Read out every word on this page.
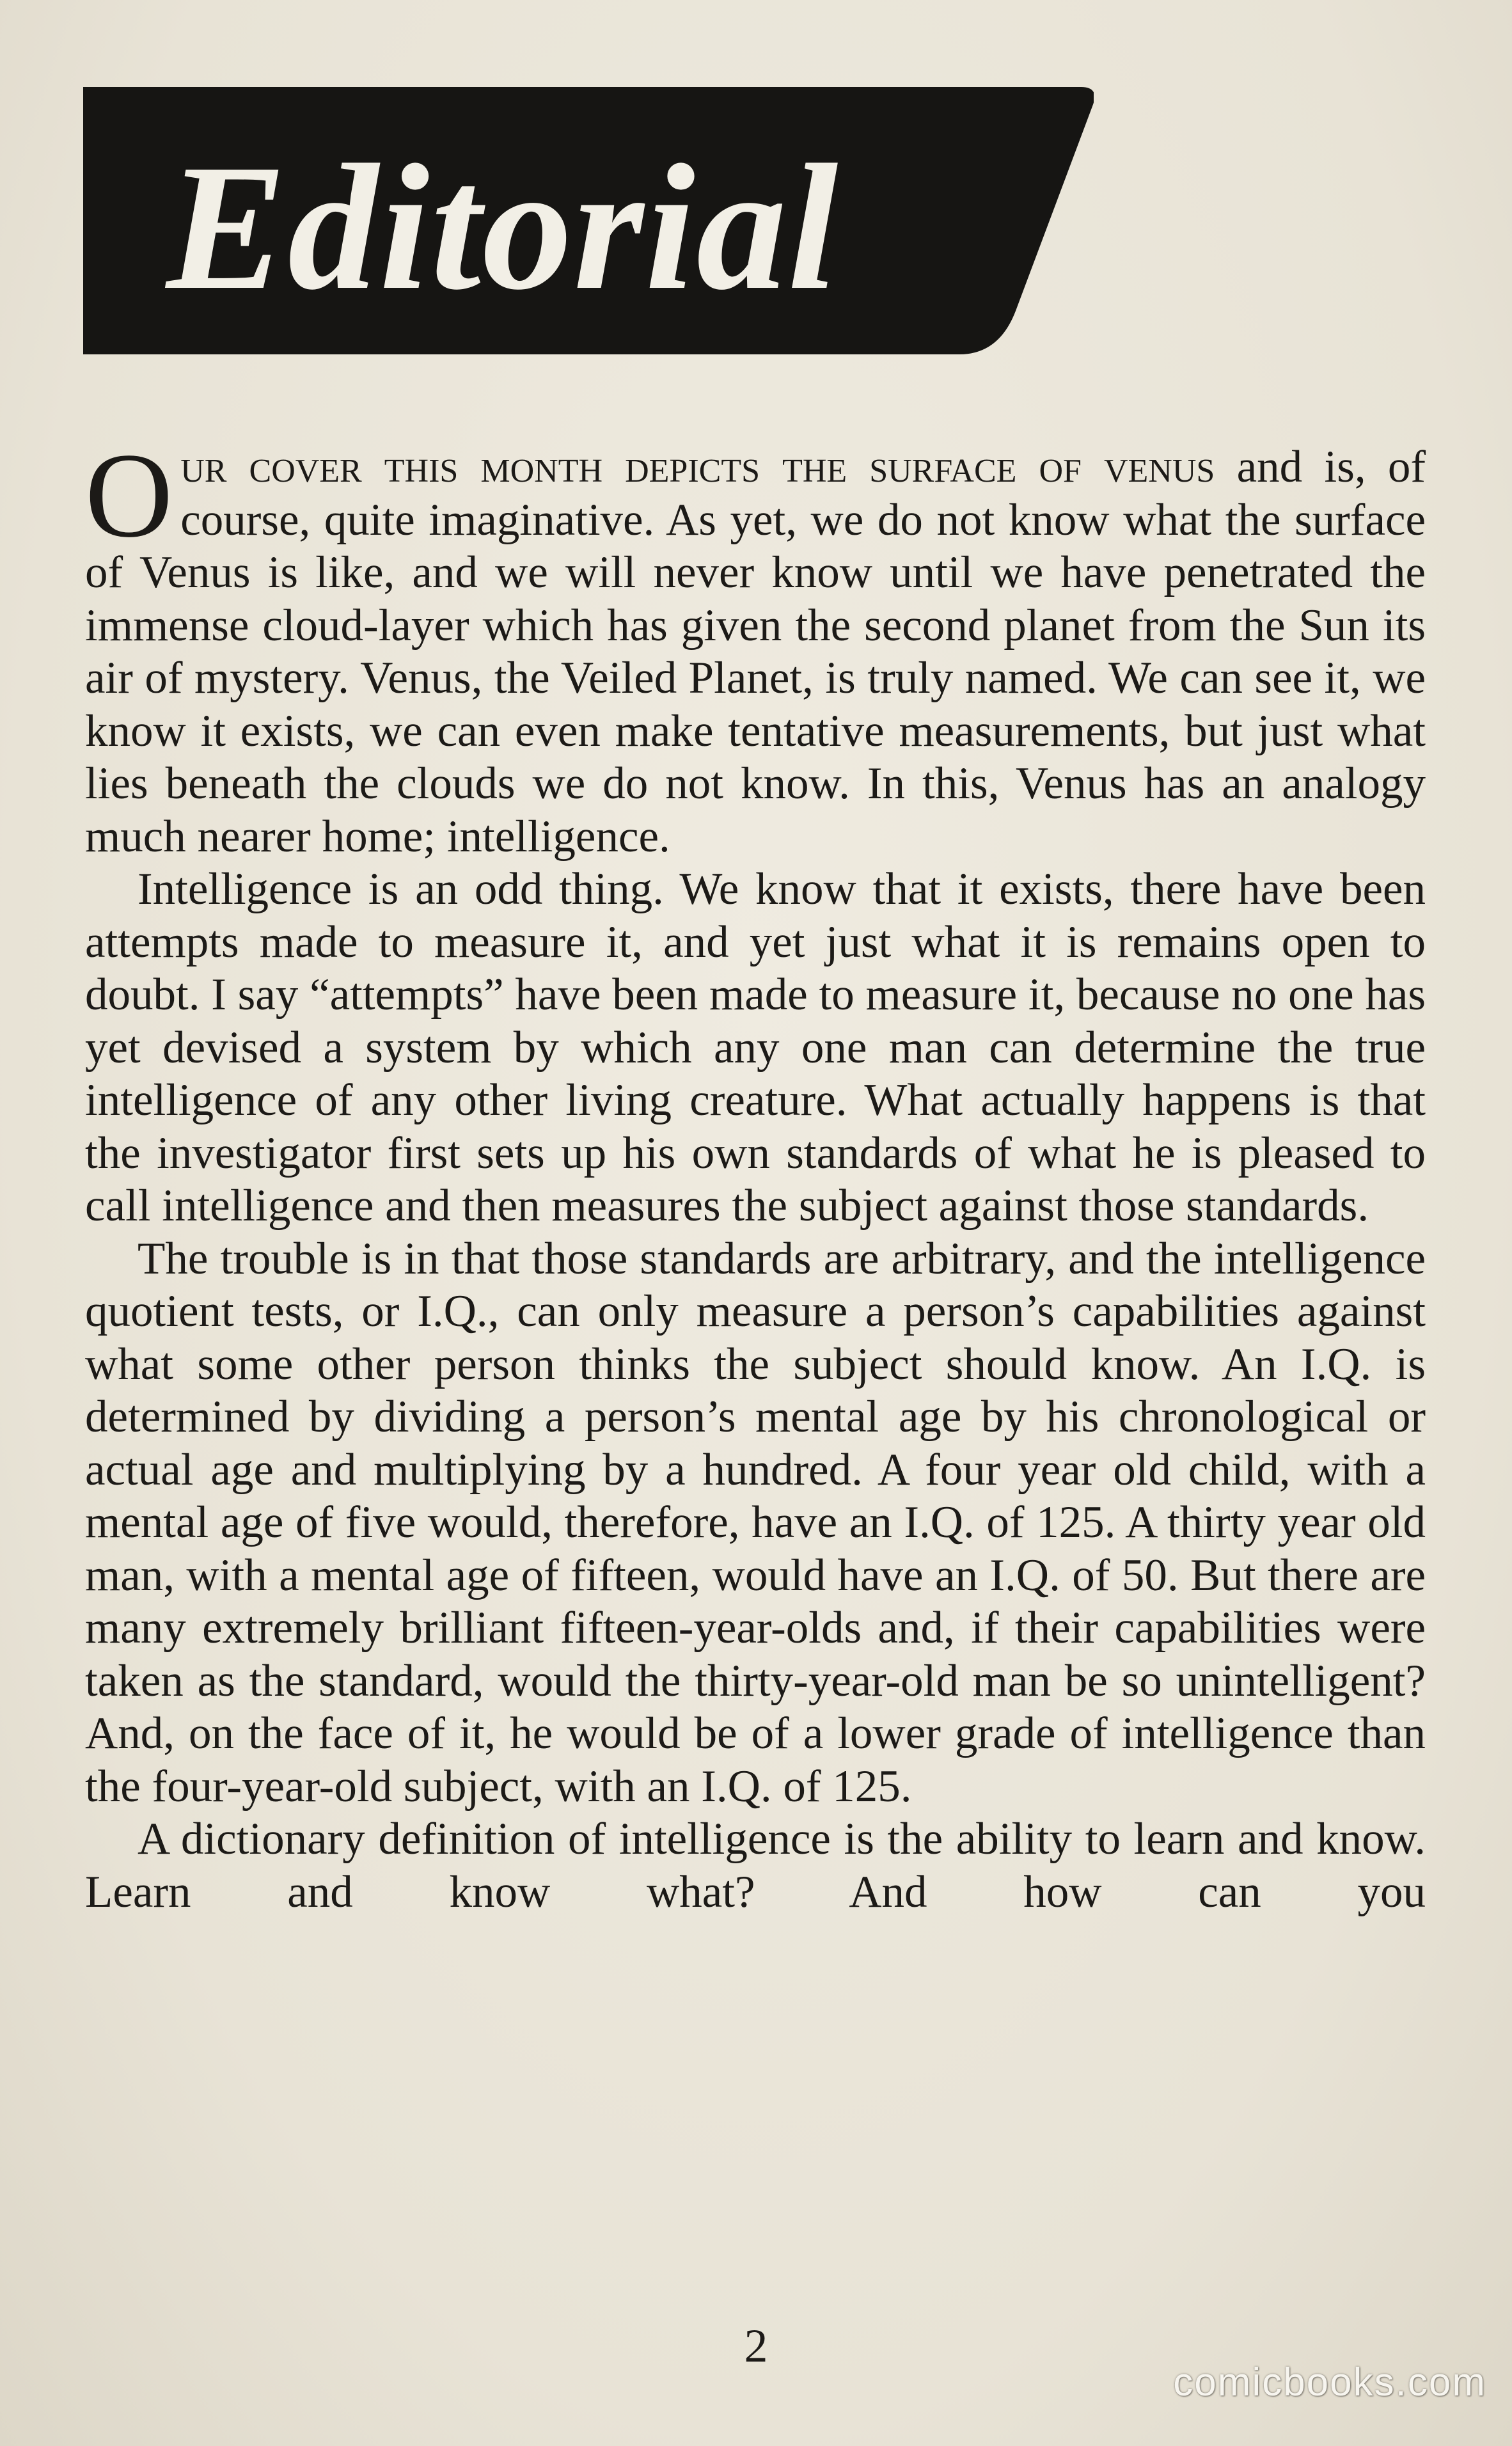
Editorial

Our cover this month depicts the surface of venus and is, of course, quite imaginative. As yet, we do not know what the surface of Venus is like, and we will never know until we have penetrated the immense cloud-layer which has given the second planet from the Sun its air of mystery. Venus, the Veiled Planet, is truly named. We can see it, we know it exists, we can even make tentative measurements, but just what lies beneath the clouds we do not know. In this, Venus has an analogy much nearer home; intelligence.

Intelligence is an odd thing. We know that it exists, there have been attempts made to measure it, and yet just what it is remains open to doubt. I say “attempts” have been made to measure it, because no one has yet devised a system by which any one man can determine the true intelligence of any other living creature. What actually happens is that the investigator first sets up his own standards of what he is pleased to call intelligence and then measures the subject against those standards.

The trouble is in that those standards are arbitrary, and the intelligence quotient tests, or I.Q., can only measure a person’s capabilities against what some other person thinks the subject should know. An I.Q. is determined by dividing a person’s mental age by his chronological or actual age and multiplying by a hundred. A four year old child, with a mental age of five would, therefore, have an I.Q. of 125. A thirty year old man, with a mental age of fifteen, would have an I.Q. of 50. But there are many extremely brilliant fifteen-year-olds and, if their capabilities were taken as the standard, would the thirty-year-old man be so unintelligent? And, on the face of it, he would be of a lower grade of intelligence than the four-year-old subject, with an I.Q. of 125.

A dictionary definition of intelligence is the ability to learn and know. Learn and know what? And how can you

2
comicbooks.com
